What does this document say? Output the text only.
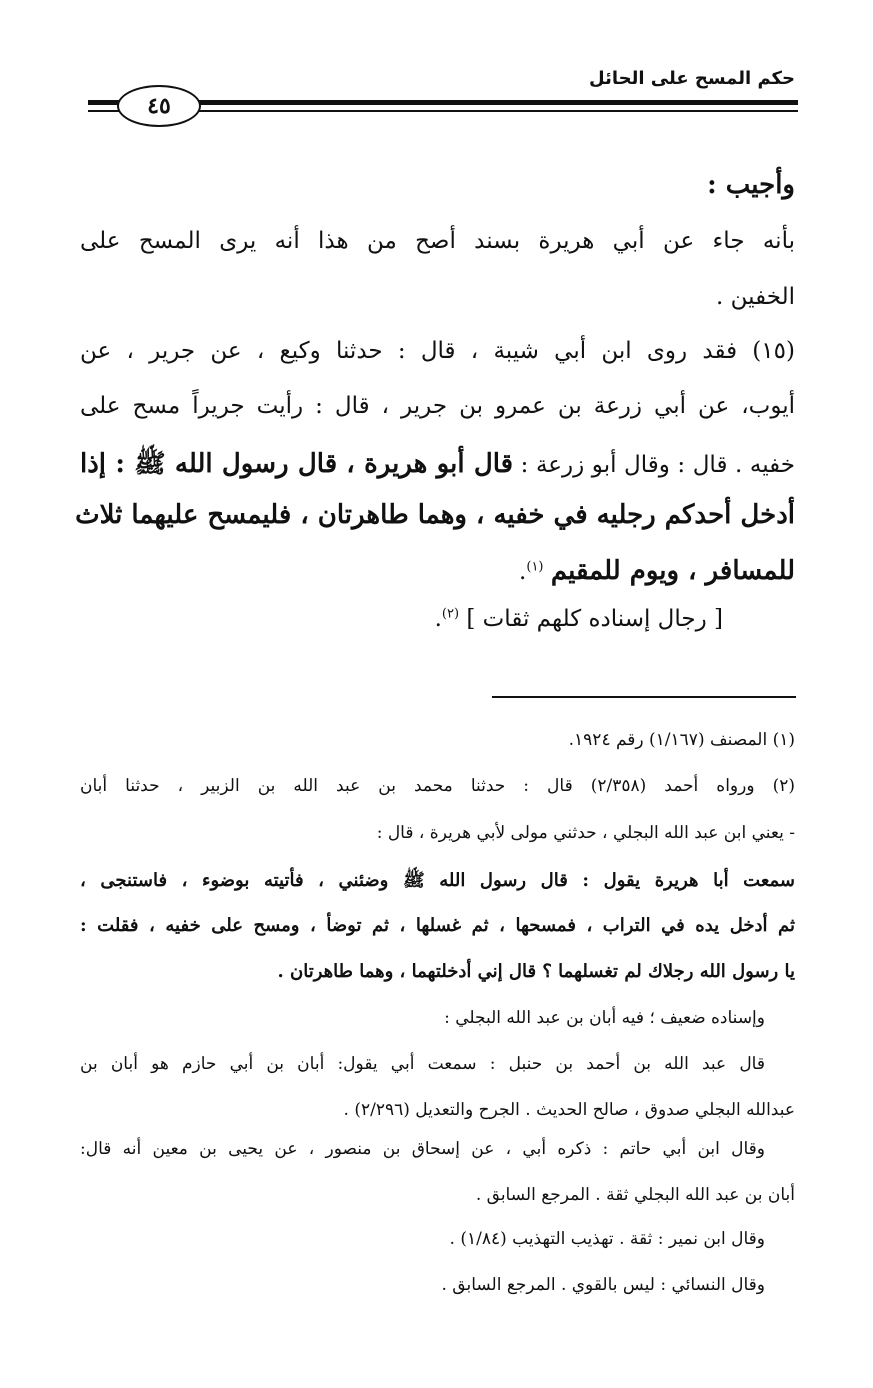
حكم المسح على الحائل
٤٥
وأجيب :
بأنه جاء عن أبي هريرة بسند أصح من هذا أنه يرى المسح على
الخفين .
(١٥) فقد روى ابن أبي شيبة ، قال : حدثنا وكيع ، عن جرير ، عن
أيوب، عن أبي زرعة بن عمرو بن جرير ، قال : رأيت جريراً مسح على
خفيه . قال : وقال أبو زرعة : قال أبو هريرة ، قال رسول الله ﷺ : إذا
أدخل أحدكم رجليه في خفيه ، وهما طاهرتان ، فليمسح عليهما ثلاث
للمسافر ، ويوم للمقيم $^{(١)}$.
[ رجال إسناده كلهم ثقات ] $^{(٢)}$.
(١) المصنف (١/١٦٧) رقم ١٩٢٤.
(٢) ورواه أحمد (٢/٣٥٨) قال : حدثنا محمد بن عبد الله بن الزبير ، حدثنا أبان
- يعني ابن عبد الله البجلي ، حدثني مولى لأبي هريرة ، قال :
سمعت أبا هريرة يقول : قال رسول الله ﷺ وضئني ، فأتيته بوضوء ، فاستنجى ،
ثم أدخل يده في التراب ، فمسحها ، ثم غسلها ، ثم توضأ ، ومسح على خفيه ، فقلت :
يا رسول الله رجلاك لم تغسلهما ؟ قال إني أدخلتهما ، وهما طاهرتان .
وإسناده ضعيف ؛ فيه أبان بن عبد الله البجلي :
قال عبد الله بن أحمد بن حنبل : سمعت أبي يقول: أبان بن أبي حازم هو أبان بن
عبدالله البجلي صدوق ، صالح الحديث . الجرح والتعديل (٢/٢٩٦) .
وقال ابن أبي حاتم : ذكره أبي ، عن إسحاق بن منصور ، عن يحيى بن معين أنه قال:
أبان بن عبد الله البجلي ثقة . المرجع السابق .
وقال ابن نمير : ثقة . تهذيب التهذيب (١/٨٤) .
وقال النسائي : ليس بالقوي . المرجع السابق .
